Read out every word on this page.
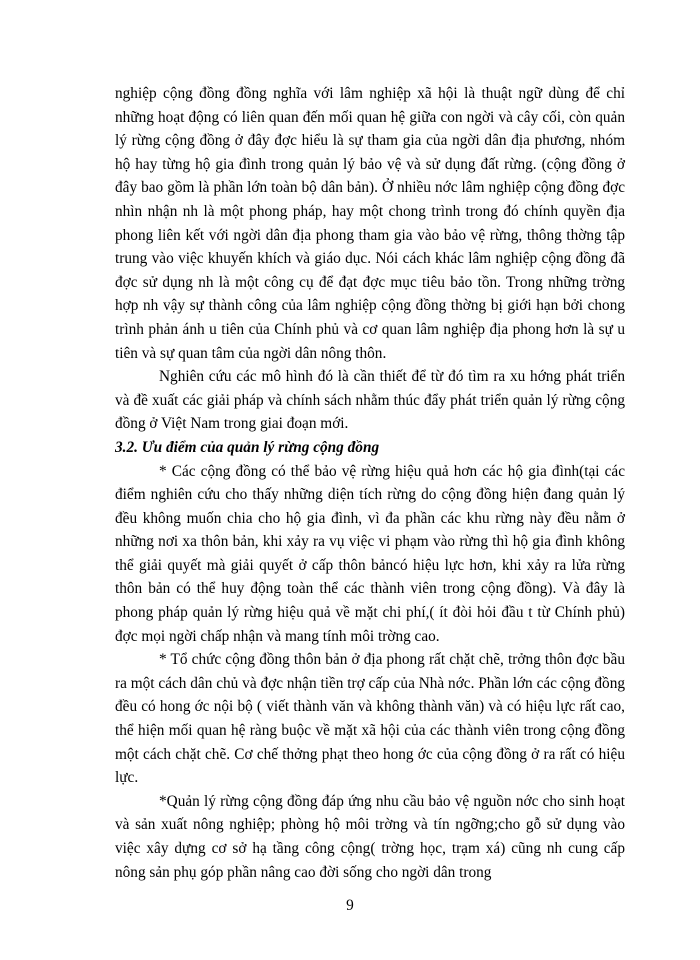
nghiệp cộng đồng đồng nghĩa với lâm nghiệp xã hội là thuật ngữ dùng để chỉ những hoạt động có liên quan đến mối quan hệ giữa con ngời và cây cối, còn quản lý rừng cộng đồng ở đây đợc hiểu là sự tham gia của ngời dân địa phương, nhóm hộ hay từng hộ gia đình trong quản lý bảo vệ và sử dụng đất rừng. (cộng đồng ở đây bao gồm là phần lớn toàn bộ dân bản). Ở nhiều nớc lâm nghiệp cộng đồng đợc nhìn nhận nh là một phong pháp, hay một chong trình trong đó chính quyền địa phong liên kết với ngời dân địa phong tham gia vào bảo vệ rừng, thông thờng tập trung vào việc khuyến khích và giáo dục. Nói cách khác lâm nghiệp cộng đồng đã đợc sử dụng nh là một công cụ để đạt đợc mục tiêu bảo tồn. Trong những trờng hợp nh vậy sự thành công của lâm nghiệp cộng đồng thờng bị giới hạn bởi chong trình phản ánh u tiên của Chính phủ và cơ quan lâm nghiệp địa phong hơn là sự u tiên và sự quan tâm của ngời dân nông thôn.

Nghiên cứu các mô hình đó là cần thiết để từ đó tìm ra xu hớng phát triển và đề xuất các giải pháp và chính sách nhằm thúc đẩy phát triển quản lý rừng cộng đồng ở Việt Nam trong giai đoạn mới.

3.2. Ưu điểm của quản lý rừng cộng đồng

* Các cộng đồng có thể bảo vệ rừng hiệu quả hơn các hộ gia đình(tại các điểm nghiên cứu cho thấy những diện tích rừng do cộng đồng hiện đang quản lý đều không muốn chia cho hộ gia đình, vì đa phần các khu rừng này đều nằm ở những nơi xa thôn bản, khi xảy ra vụ việc vi phạm vào rừng thì hộ gia đình không thể giải quyết mà giải quyết ở cấp thôn bảncó hiệu lực hơn, khi xảy ra lửa rừng thôn bản có thể huy động toàn thể các thành viên trong cộng đồng). Và đây là phong pháp quản lý rừng hiệu quả về mặt chi phí,( ít đòi hỏi đầu t từ Chính phủ) đợc mọi ngời chấp nhận và mang tính môi trờng cao.

* Tổ chức cộng đồng thôn bản ở địa phong rất chặt chẽ, trởng thôn đợc bầu ra một cách dân chủ và đợc nhận tiền trợ cấp của Nhà nớc. Phần lớn các cộng đồng đều có hong ớc nội bộ ( viết thành văn và không thành văn) và có hiệu lực rất cao, thể hiện mối quan hệ ràng buộc về mặt xã hội của các thành viên trong cộng đồng một cách chặt chẽ. Cơ chế thởng phạt theo hong ớc của cộng đồng ở ra rất có hiệu lực.

*Quản lý rừng cộng đồng đáp ứng nhu cầu bảo vệ nguồn nớc cho sinh hoạt và sản xuất nông nghiệp; phòng hộ môi trờng và tín ngỡng;cho gỗ sử dụng vào việc xây dựng cơ sở hạ tầng công cộng( trờng học, trạm xá) cũng nh cung cấp nông sản phụ góp phần nâng cao đời sống cho ngời dân trong

9
